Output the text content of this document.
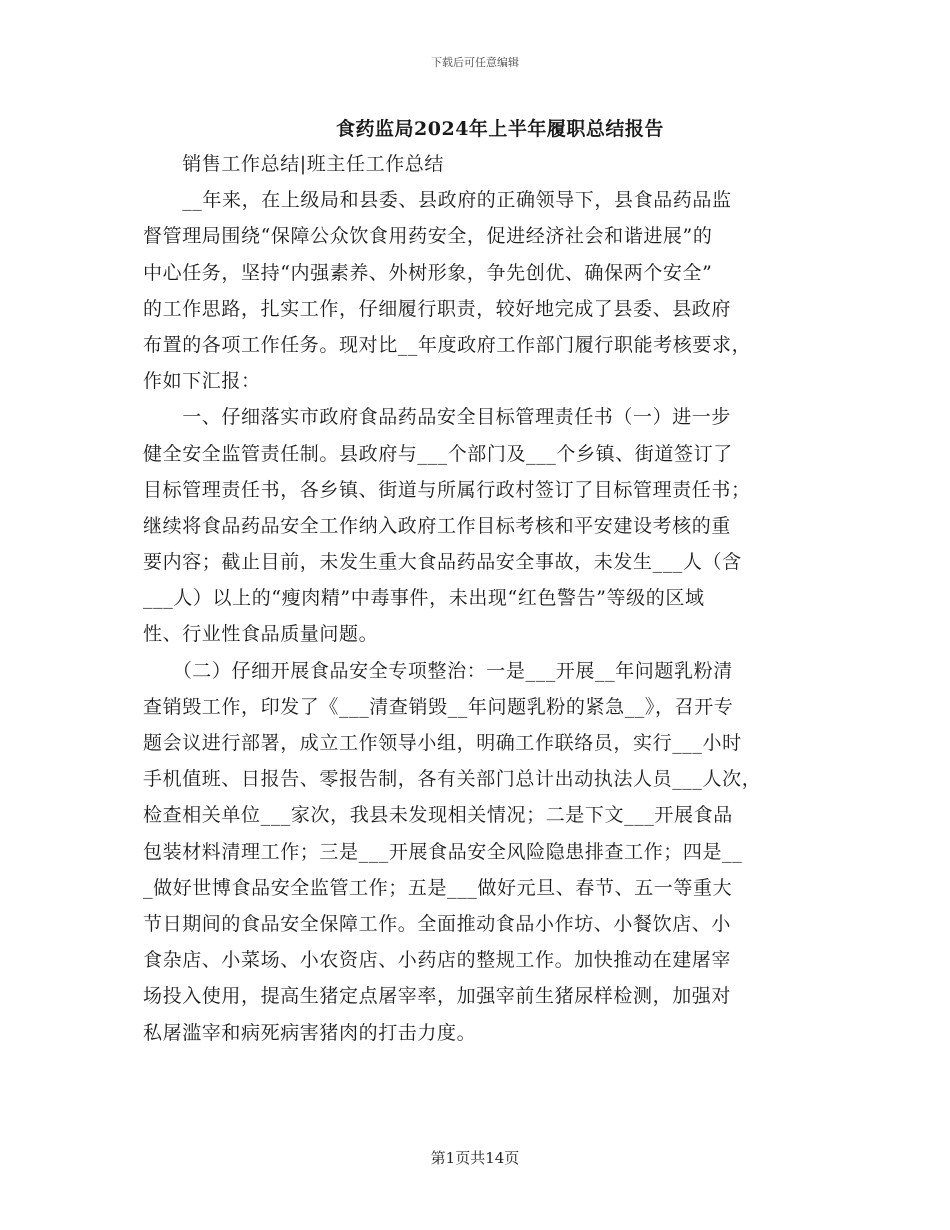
下载后可任意编辑
食药监局2024年上半年履职总结报告
　　销售工作总结|班主任工作总结
　　__年来，在上级局和县委、县政府的正确领导下，县食品药品监
督管理局围绕“保障公众饮食用药安全，促进经济社会和谐进展”的
中心任务，坚持“内强素养、外树形象，争先创优、确保两个安全”
的工作思路，扎实工作，仔细履行职责，较好地完成了县委、县政府
布置的各项工作任务。现对比__年度政府工作部门履行职能考核要求，
作如下汇报：
　　一、仔细落实市政府食品药品安全目标管理责任书（一）进一步
健全安全监管责任制。县政府与___个部门及___个乡镇、街道签订了
目标管理责任书，各乡镇、街道与所属行政村签订了目标管理责任书；
继续将食品药品安全工作纳入政府工作目标考核和平安建设考核的重
要内容；截止目前，未发生重大食品药品安全事故，未发生___人（含
___人）以上的“瘦肉精”中毒事件，未出现“红色警告”等级的区域
性、行业性食品质量问题。
　　（二）仔细开展食品安全专项整治：一是___开展__年问题乳粉清
查销毁工作，印发了《___清查销毁__年问题乳粉的紧急__》，召开专
题会议进行部署，成立工作领导小组，明确工作联络员，实行___小时
手机值班、日报告、零报告制，各有关部门总计出动执法人员___人次，
检查相关单位___家次，我县未发现相关情况；二是下文___开展食品
包装材料清理工作；三是___开展食品安全风险隐患排查工作；四是__
_做好世博食品安全监管工作；五是___做好元旦、春节、五一等重大
节日期间的食品安全保障工作。全面推动食品小作坊、小餐饮店、小
食杂店、小菜场、小农资店、小药店的整规工作。加快推动在建屠宰
场投入使用，提高生猪定点屠宰率，加强宰前生猪尿样检测，加强对
私屠滥宰和病死病害猪肉的打击力度。
第1页共14页
